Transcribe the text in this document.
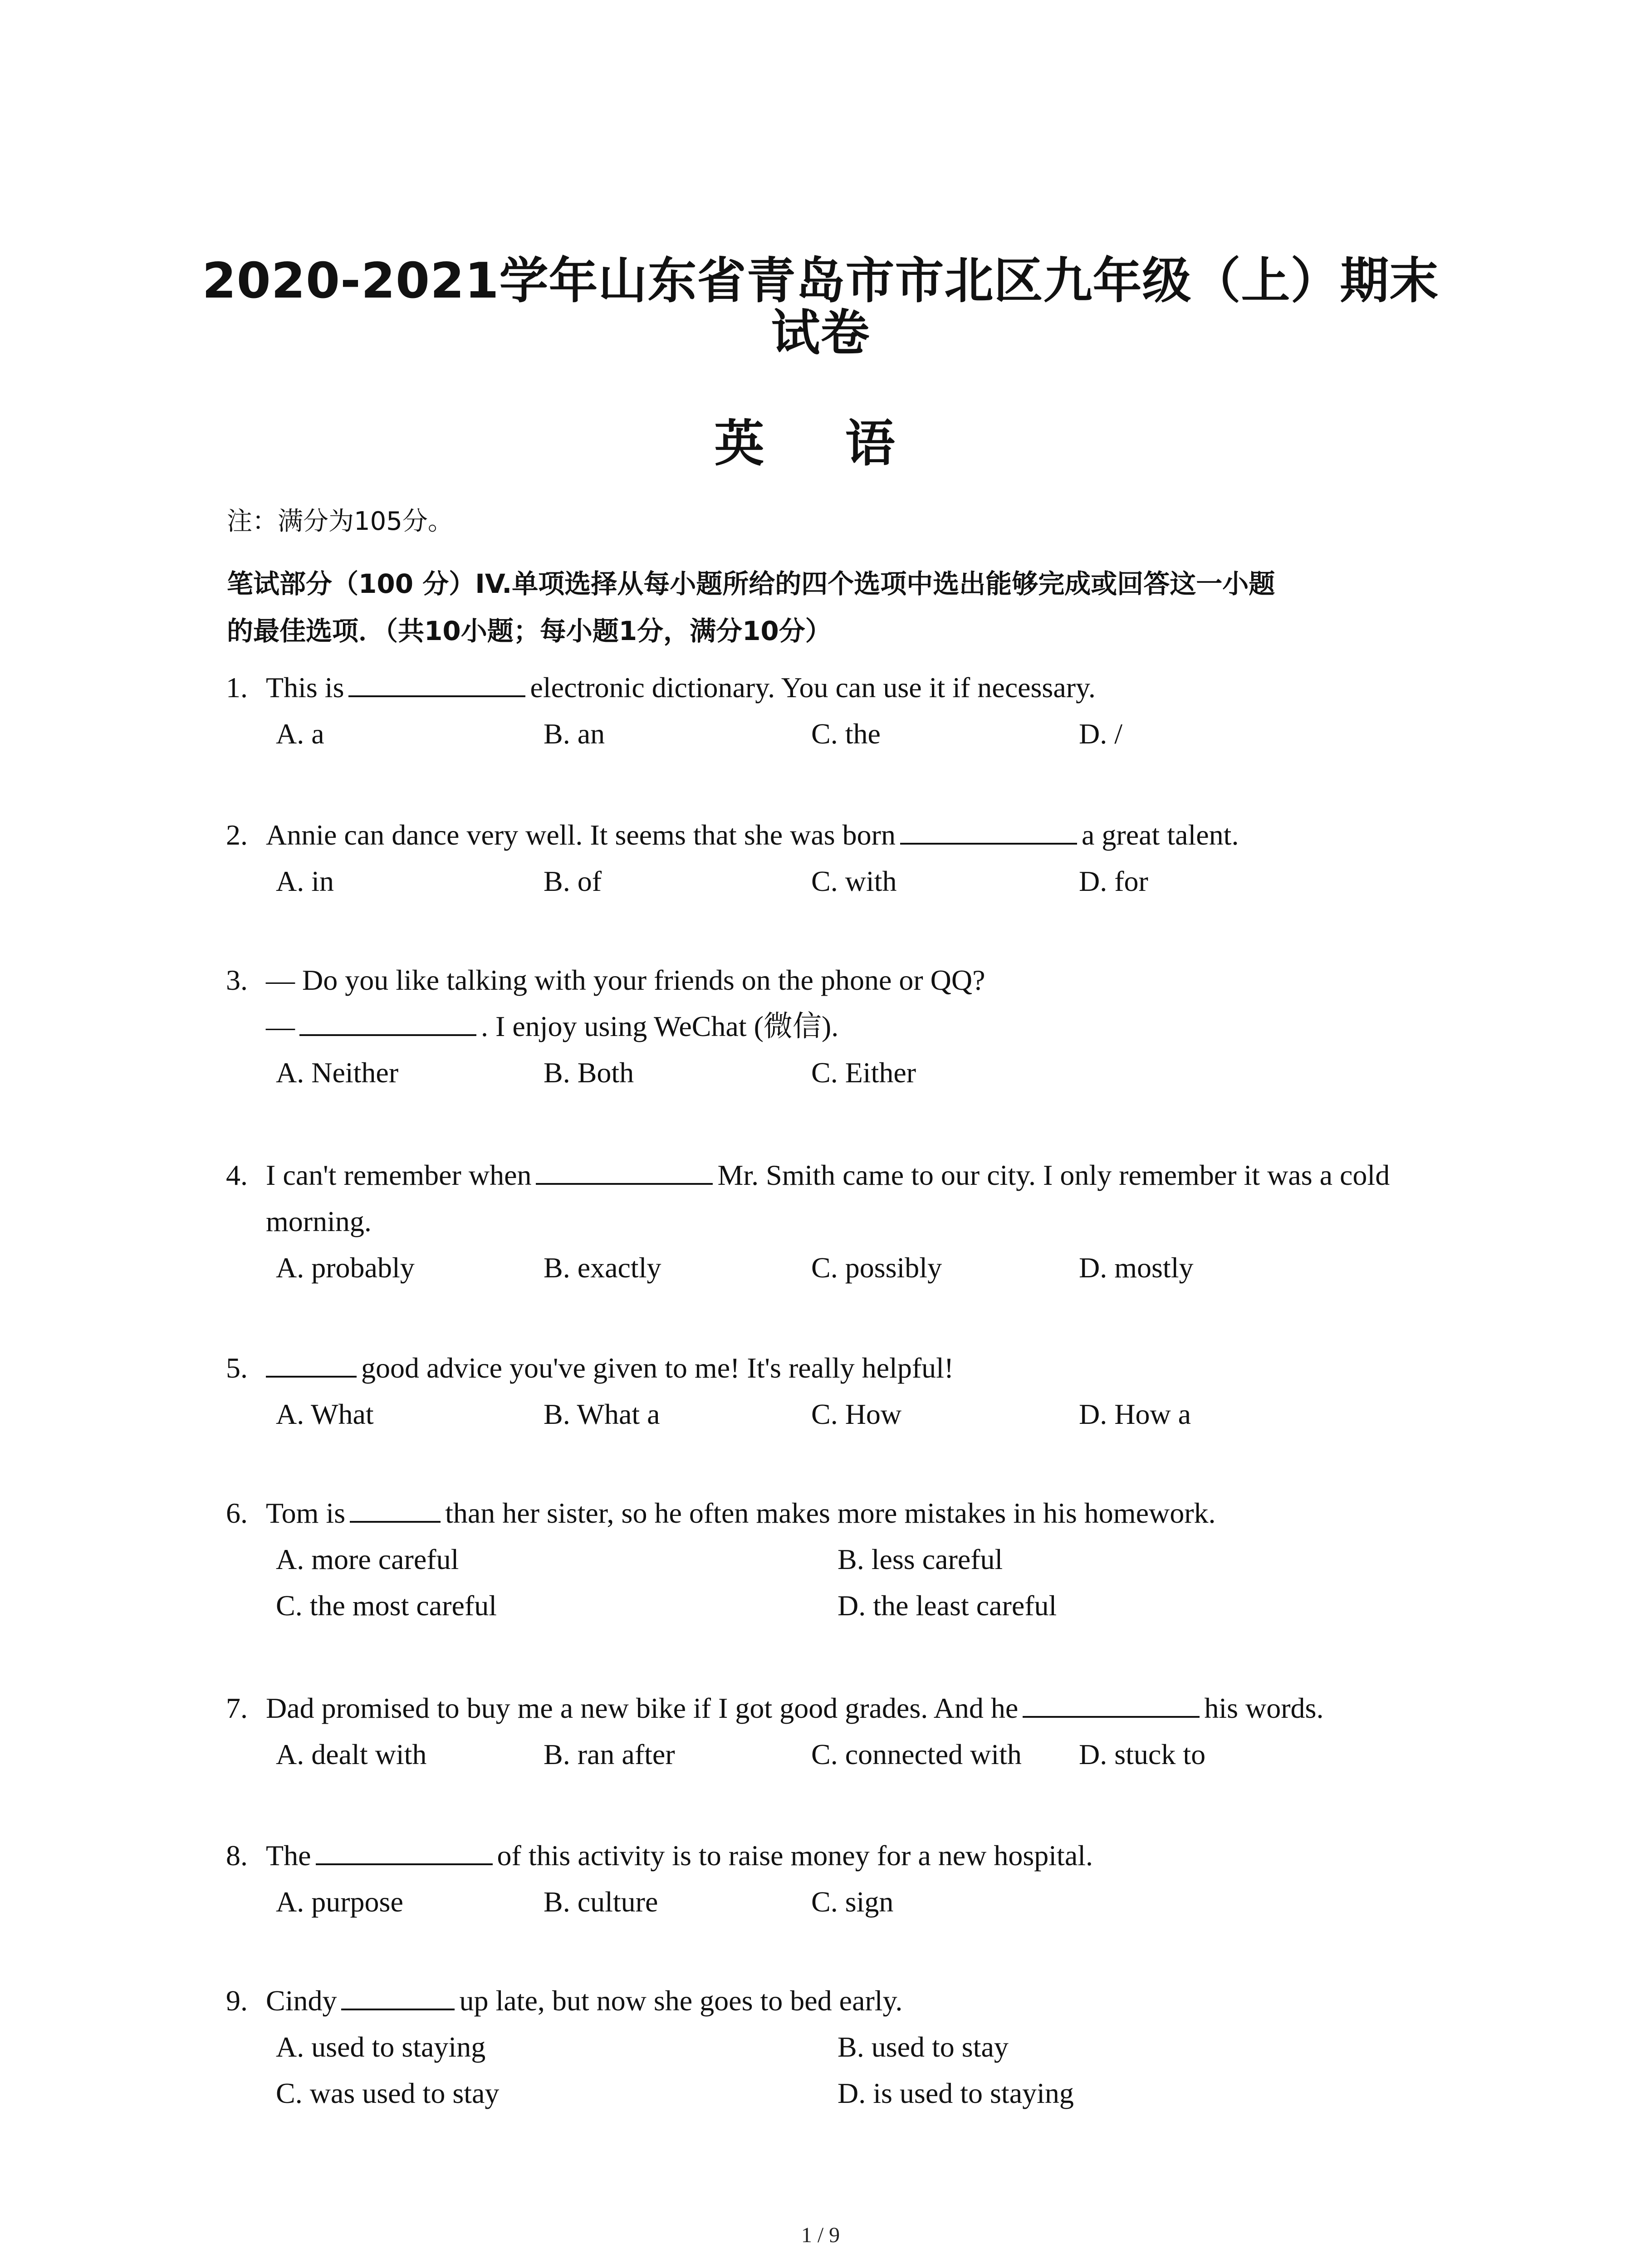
2020-2021学年山东省青岛市市北区九年级（上）期末
试卷
英 语
注：满分为105分。
笔试部分（100 分）IV.单项选择从每小题所给的四个选项中选出能够完成或回答这一小题
的最佳选项．（共10小题；每小题1分，满分10分）
1. This is	electronic dictionary. You can use it if necessary.
A. a	B. an	C. the	D. /
2. Annie can dance very well. It seems that she was born	a great talent.
A. in	B. of	C. with	D. for
3. — Do you like talking with your friends on the phone or QQ?
—	. I enjoy using WeChat (微信).
A. Neither	B. Both	C. Either
4. I can't remember when	Mr. Smith came to our city. I only remember it was a cold
morning.
A. probably	B. exactly	C. possibly	D. mostly
5.	good advice you've given to me! It's really helpful!
A. What	B. What a	C. How	D. How a
6. Tom is	than her sister, so he often makes more mistakes in his homework.
A. more careful	B. less careful
C. the most careful	D. the least careful
7. Dad promised to buy me a new bike if I got good grades. And he	his words.
A. dealt with	B. ran after	C. connected with D. stuck to
8. The	of this activity is to raise money for a new hospital.
A. purpose	B. culture	C. sign
9. Cindy	up late, but now she goes to bed early.
A. used to staying	B. used to stay
C. was used to stay	D. is used to staying
1 / 9
